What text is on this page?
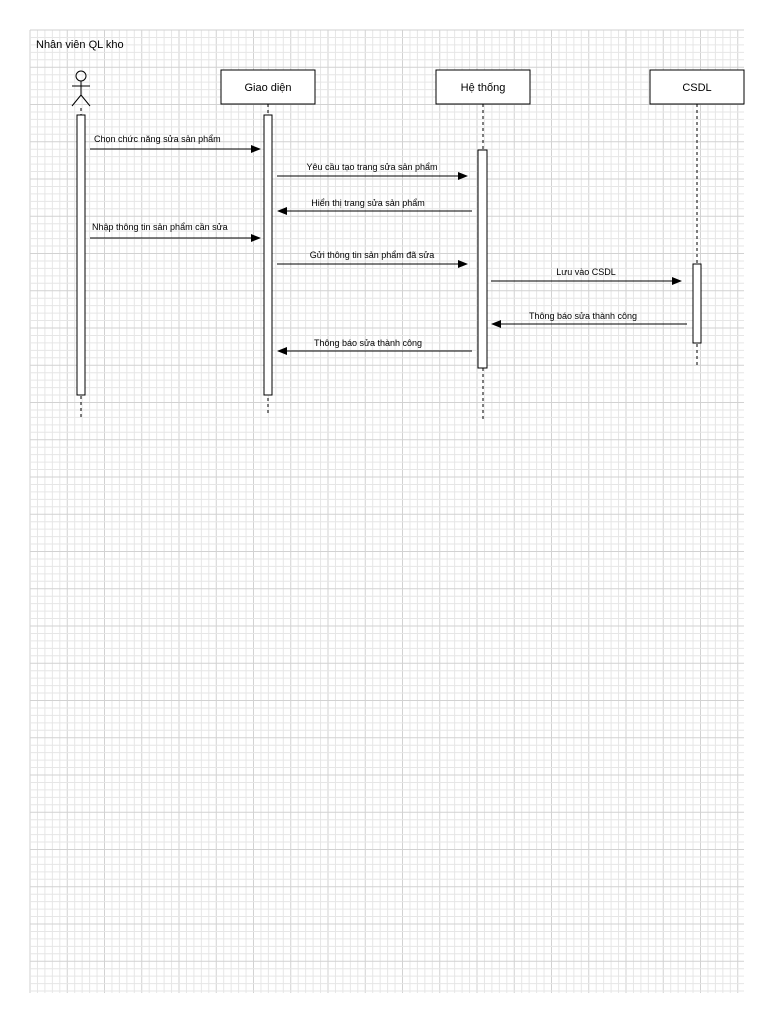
Nhân viên QL kho
Giao diện	Hệ thống	CSDL
Chọn chức năng sửa sản phẩm
Yêu cầu tạo trang sửa sản phẩm
Hiển thị trang sửa sản phẩm
Nhập thông tin sản phẩm cần sửa
Gửi thông tin sản phẩm đã sửa
Lưu vào CSDL
Thông báo sửa thành công
Thông báo sửa thành công
